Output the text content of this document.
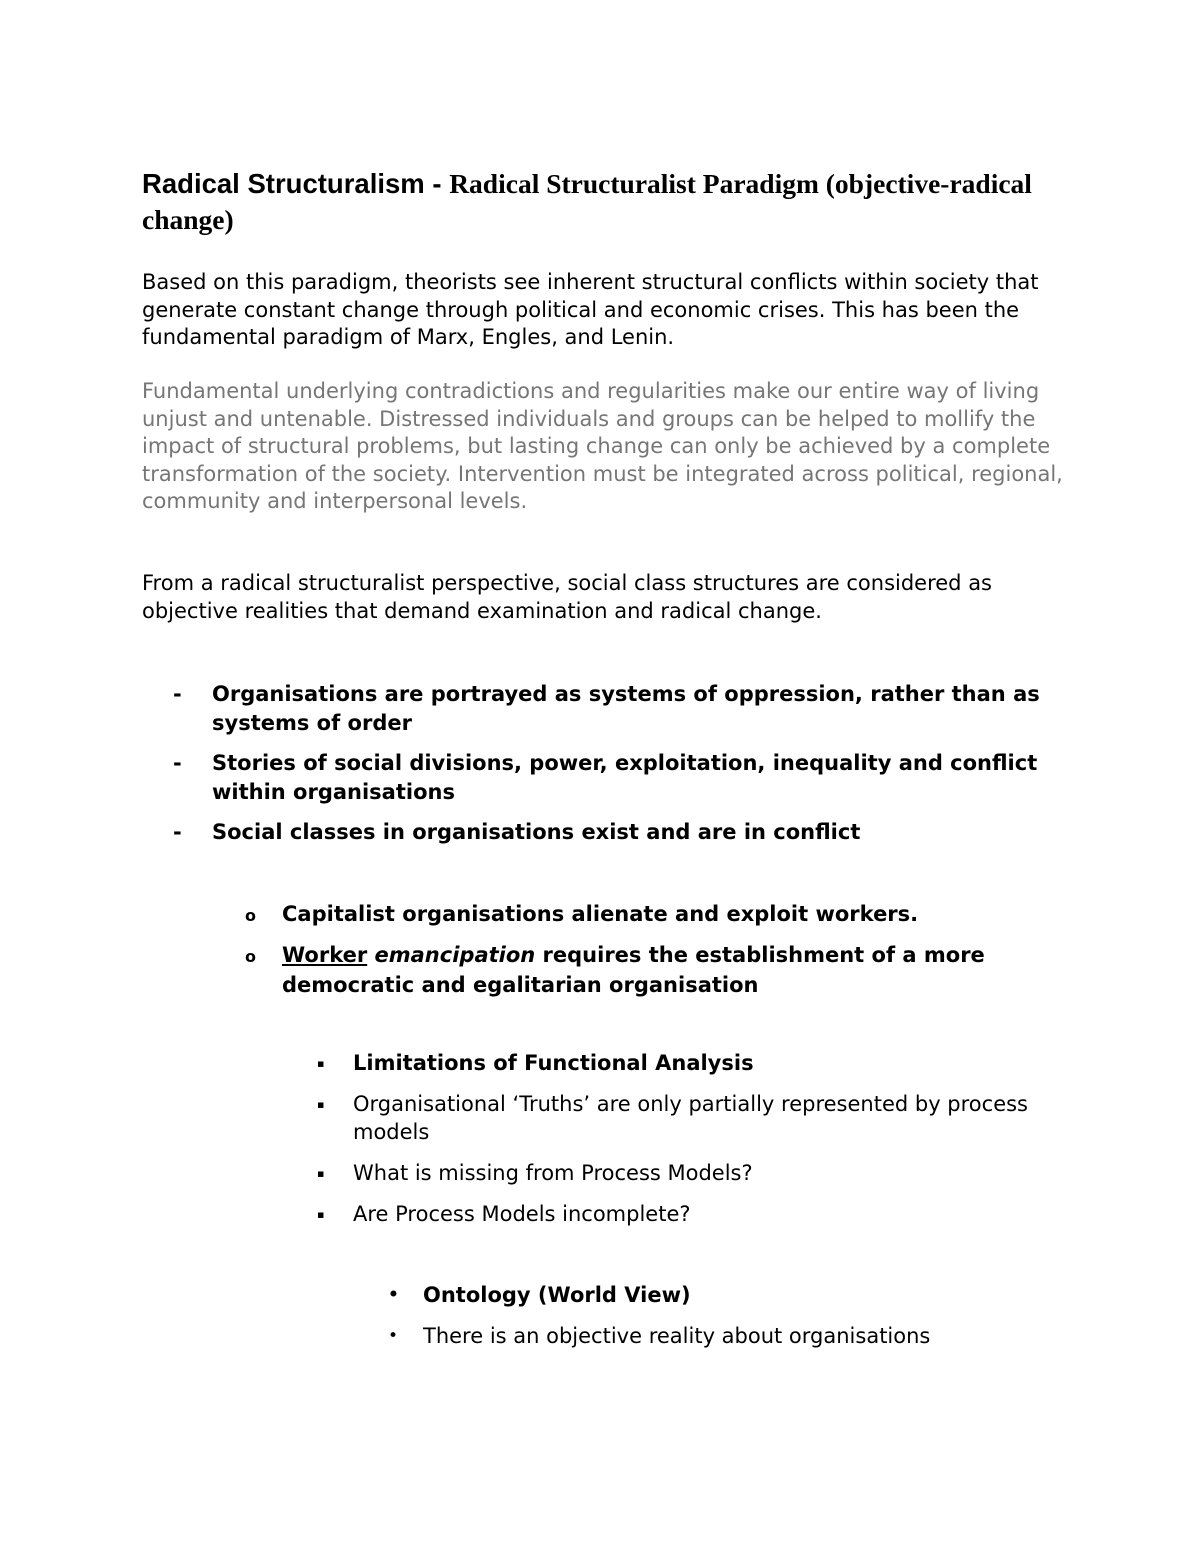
Radical Structuralism - Radical Structuralist Paradigm (objective-radical change)

Based on this paradigm, theorists see inherent structural conflicts within society that generate constant change through political and economic crises. This has been the fundamental paradigm of Marx, Engles, and Lenin.

Fundamental underlying contradictions and regularities make our entire way of living unjust and untenable. Distressed individuals and groups can be helped to mollify the impact of structural problems, but lasting change can only be achieved by a complete transformation of the society. Intervention must be integrated across political, regional, community and interpersonal levels.

From a radical structuralist perspective, social class structures are considered as objective realities that demand examination and radical change.

-	Organisations are portrayed as systems of oppression, rather than as systems of order
-	Stories of social divisions, power, exploitation, inequality and conflict within organisations
-	Social classes in organisations exist and are in conflict
o	Capitalist organisations alienate and exploit workers.
o	Worker emancipation requires the establishment of a more democratic and egalitarian organisation
▪	Limitations of Functional Analysis
▪	Organisational ‘Truths’ are only partially represented by process models
▪	What is missing from Process Models?
▪	Are Process Models incomplete?
•	Ontology (World View)
•	There is an objective reality about organisations
